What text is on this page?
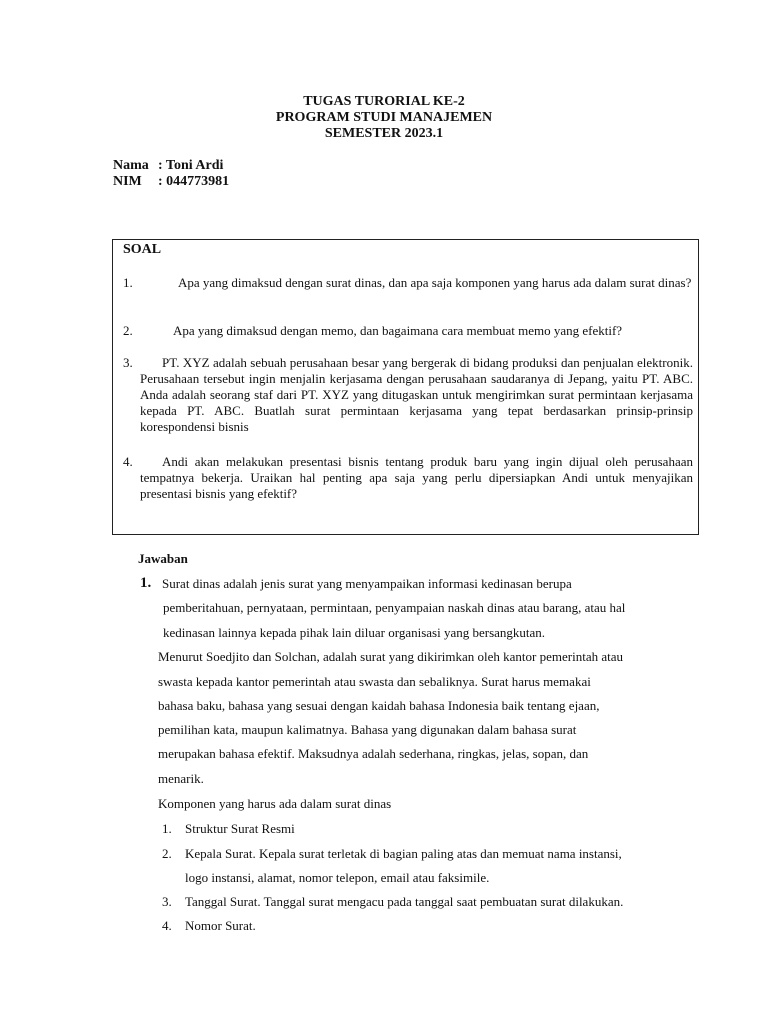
TUGAS TURORIAL KE-2
PROGRAM STUDI MANAJEMEN
SEMESTER 2023.1
Nama : Toni Ardi
NIM	: 044773981
SOAL
1.	Apa yang dimaksud dengan surat dinas, dan apa saja komponen yang harus ada dalam surat dinas?
2.	Apa yang dimaksud dengan memo, dan bagaimana cara membuat memo yang efektif?
3.	PT. XYZ adalah sebuah perusahaan besar yang bergerak di bidang produksi dan penjualan elektronik. Perusahaan tersebut ingin menjalin kerjasama dengan perusahaan saudaranya di Jepang, yaitu PT. ABC. Anda adalah seorang staf dari PT. XYZ yang ditugaskan untuk mengirimkan surat permintaan kerjasama kepada PT. ABC. Buatlah surat permintaan kerjasama yang tepat berdasarkan prinsip-prinsip korespondensi bisnis
4.	Andi akan melakukan presentasi bisnis tentang produk baru yang ingin dijual oleh perusahaan tempatnya bekerja. Uraikan hal penting apa saja yang perlu dipersiapkan Andi untuk menyajikan presentasi bisnis yang efektif?
Jawaban
1. Surat dinas adalah jenis surat yang menyampaikan informasi kedinasan berupa
pemberitahuan, pernyataan, permintaan, penyampaian naskah dinas atau barang, atau hal
kedinasan lainnya kepada pihak lain diluar organisasi yang bersangkutan.
Menurut Soedjito dan Solchan, adalah surat yang dikirimkan oleh kantor pemerintah atau
swasta kepada kantor pemerintah atau swasta dan sebaliknya. Surat harus memakai
bahasa baku, bahasa yang sesuai dengan kaidah bahasa Indonesia baik tentang ejaan,
pemilihan kata, maupun kalimatnya. Bahasa yang digunakan dalam bahasa surat
merupakan bahasa efektif. Maksudnya adalah sederhana, ringkas, jelas, sopan, dan
menarik.
Komponen yang harus ada dalam surat dinas
1. Struktur Surat Resmi
2. Kepala Surat. Kepala surat terletak di bagian paling atas dan memuat nama instansi,
logo instansi, alamat, nomor telepon, email atau faksimile.
3. Tanggal Surat. Tanggal surat mengacu pada tanggal saat pembuatan surat dilakukan.
4. Nomor Surat.
